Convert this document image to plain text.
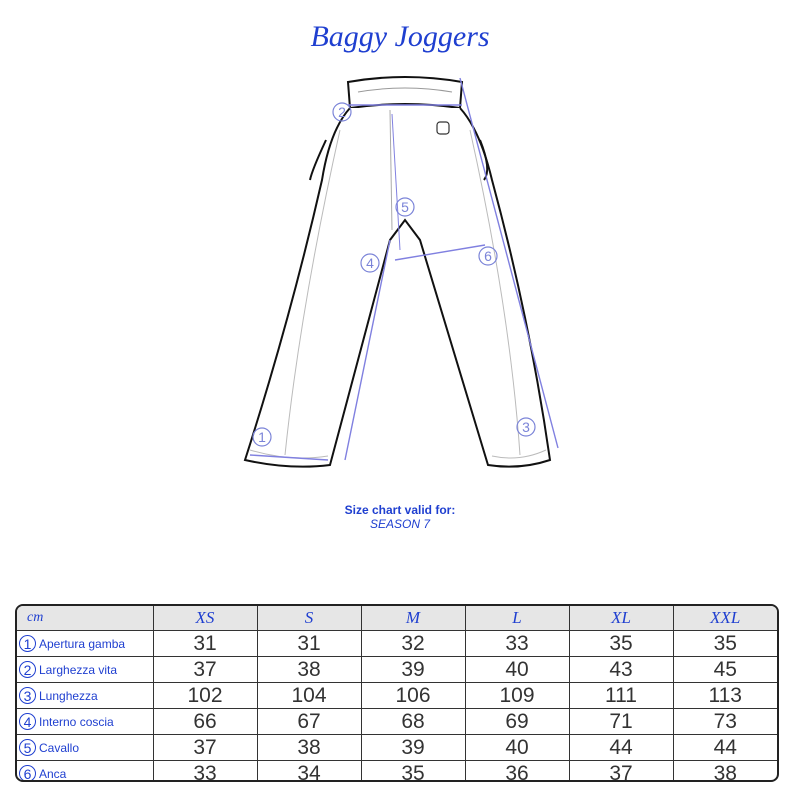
Baggy Joggers
1
2
3
4
5
6
Size chart valid for:
SEASON 7
cm	XS	S	M	L	XL	XXL
1 Apertura gamba	31	31	32	33	35	35
2 Larghezza vita	37	38	39	40	43	45
3 Lunghezza	102	104	106	109	111	113
4 Interno coscia	66	67	68	69	71	73
5 Cavallo	37	38	39	40	44	44
6 Anca	33	34	35	36	37	38
